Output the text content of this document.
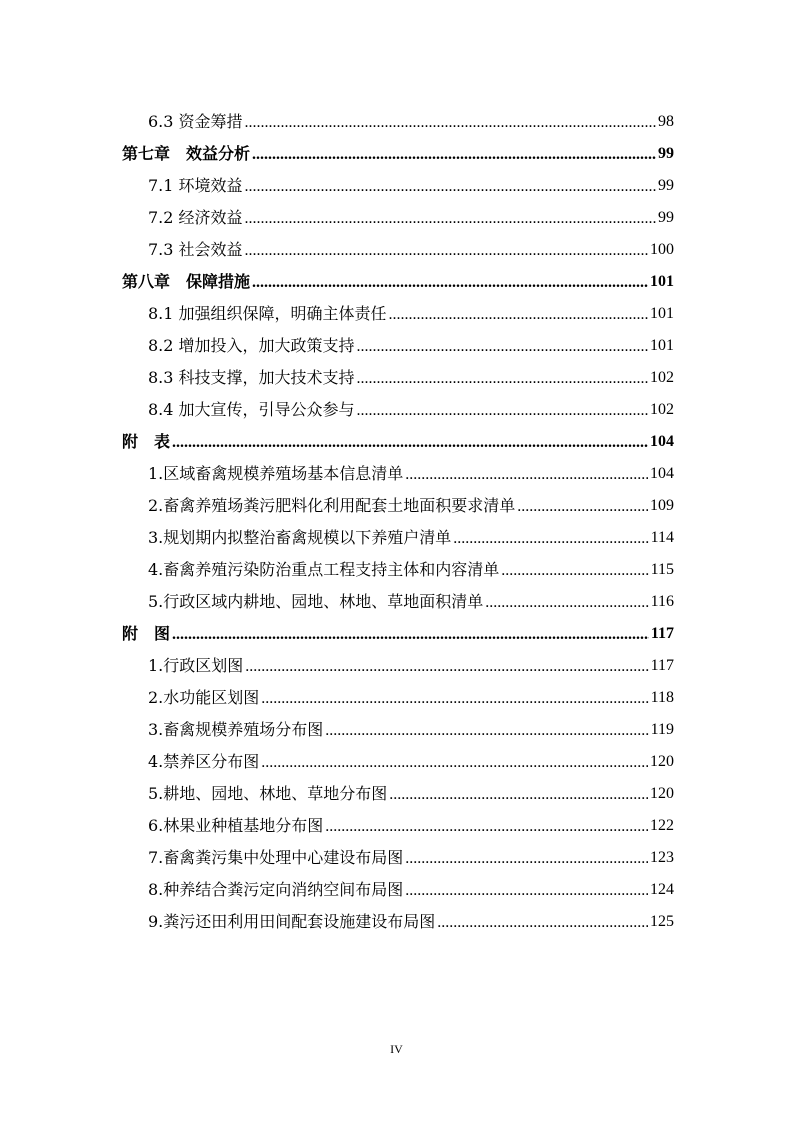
6.3 资金筹措 .....	98
第七章　效益分析 .....	99
7.1 环境效益 .....	99
7.2 经济效益 .....	99
7.3 社会效益 .....	100
第八章　保障措施 .....	101
8.1 加强组织保障，明确主体责任 .....	101
8.2 增加投入，加大政策支持 .....	101
8.3 科技支撑，加大技术支持 .....	102
8.4 加大宣传，引导公众参与 .....	102
附　表 .....	104
1.区域畜禽规模养殖场基本信息清单 .....	104
2.畜禽养殖场粪污肥料化利用配套土地面积要求清单 .....	109
3.规划期内拟整治畜禽规模以下养殖户清单 .....	114
4.畜禽养殖污染防治重点工程支持主体和内容清单 .....	115
5.行政区域内耕地、园地、林地、草地面积清单 .....	116
附　图 .....	117
1.行政区划图 .....	117
2.水功能区划图 .....	118
3.畜禽规模养殖场分布图 .....	119
4.禁养区分布图 .....	120
5.耕地、园地、林地、草地分布图 .....	120
6.林果业种植基地分布图 .....	122
7.畜禽粪污集中处理中心建设布局图 .....	123
8.种养结合粪污定向消纳空间布局图 .....	124
9.粪污还田利用田间配套设施建设布局图 .....	125
IV
